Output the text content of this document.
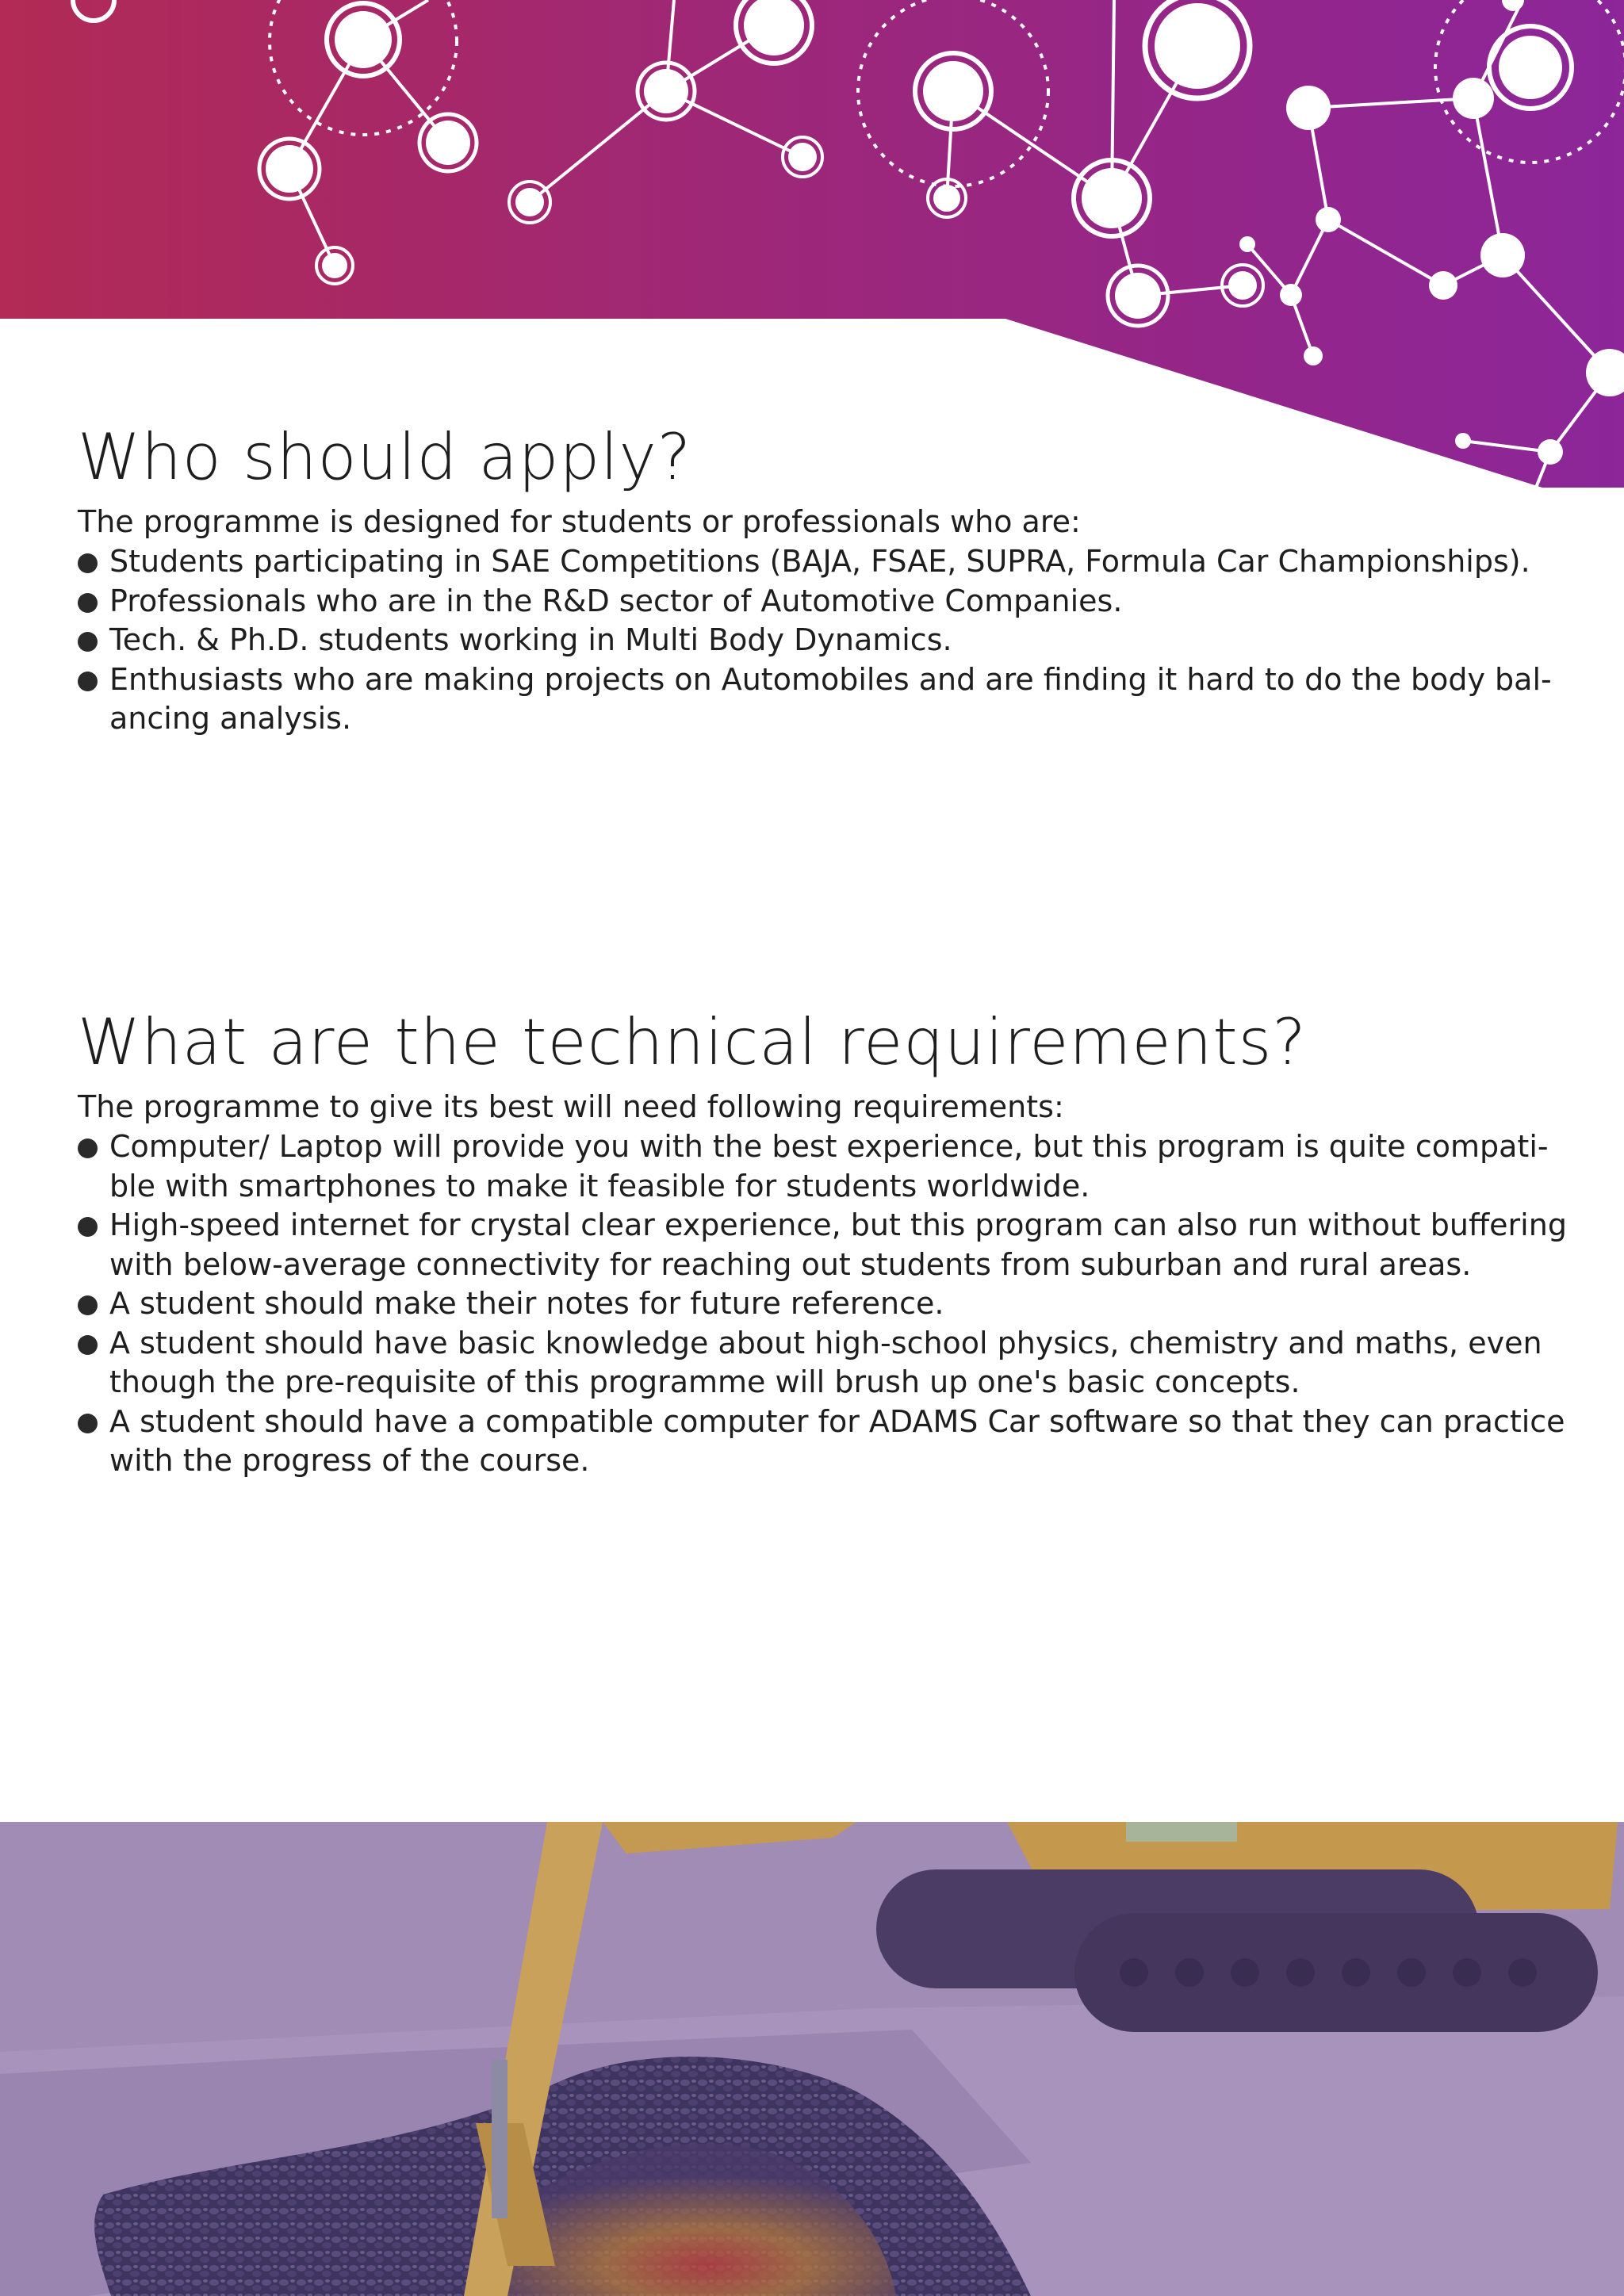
Who should apply?

The programme is designed for students or professionals who are:

Students participating in SAE Competitions (BAJA, FSAE, SUPRA, Formula Car Championships).
Professionals who are in the R&D sector of Automotive Companies.
Tech. & Ph.D. students working in Multi Body Dynamics.
Enthusiasts who are making projects on Automobiles and are finding it hard to do the body bal-ancing analysis.
What are the technical requirements?

The programme to give its best will need following requirements:

Computer/ Laptop will provide you with the best experience, but this program is quite compati-ble with smartphones to make it feasible for students worldwide.
High-speed internet for crystal clear experience, but this program can also run without buffering with below-average connectivity for reaching out students from suburban and rural areas.
A student should make their notes for future reference.
A student should have basic knowledge about high-school physics, chemistry and maths, even though the pre-requisite of this programme will brush up one's basic concepts.
A student should have a compatible computer for ADAMS Car software so that they can practice with the progress of the course.
